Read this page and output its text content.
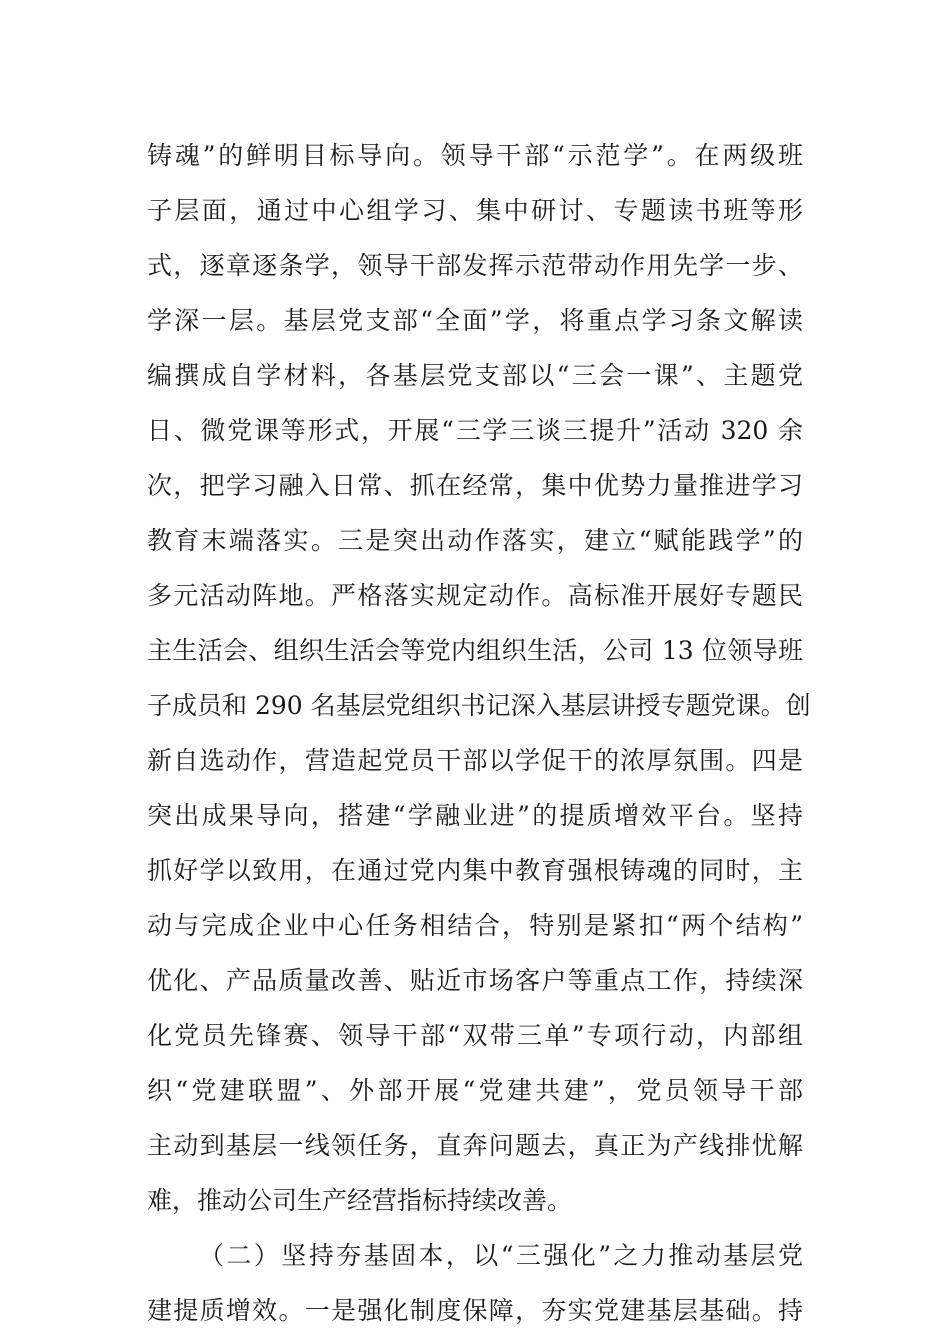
铸魂”的鲜明目标导向。领导干部“示范学”。在两级班
子层面，通过中心组学习、集中研讨、专题读书班等形
式，逐章逐条学，领导干部发挥示范带动作用先学一步、
学深一层。基层党支部“全面”学，将重点学习条文解读
编撰成自学材料，各基层党支部以“三会一课”、主题党
日、微党课等形式，开展“三学三谈三提升”活动 320 余
次，把学习融入日常、抓在经常，集中优势力量推进学习
教育末端落实。三是突出动作落实，建立“赋能践学”的
多元活动阵地。严格落实规定动作。高标准开展好专题民
主生活会、组织生活会等党内组织生活，公司 13 位领导班
子成员和 290 名基层党组织书记深入基层讲授专题党课。创
新自选动作，营造起党员干部以学促干的浓厚氛围。四是
突出成果导向，搭建“学融业进”的提质增效平台。坚持
抓好学以致用，在通过党内集中教育强根铸魂的同时，主
动与完成企业中心任务相结合，特别是紧扣“两个结构”
优化、产品质量改善、贴近市场客户等重点工作，持续深
化党员先锋赛、领导干部“双带三单”专项行动，内部组
织“党建联盟”、外部开展“党建共建”，党员领导干部
主动到基层一线领任务，直奔问题去，真正为产线排忧解
难，推动公司生产经营指标持续改善。
（二）坚持夯基固本，以“三强化”之力推动基层党
建提质增效。一是强化制度保障，夯实党建基层基础。持
